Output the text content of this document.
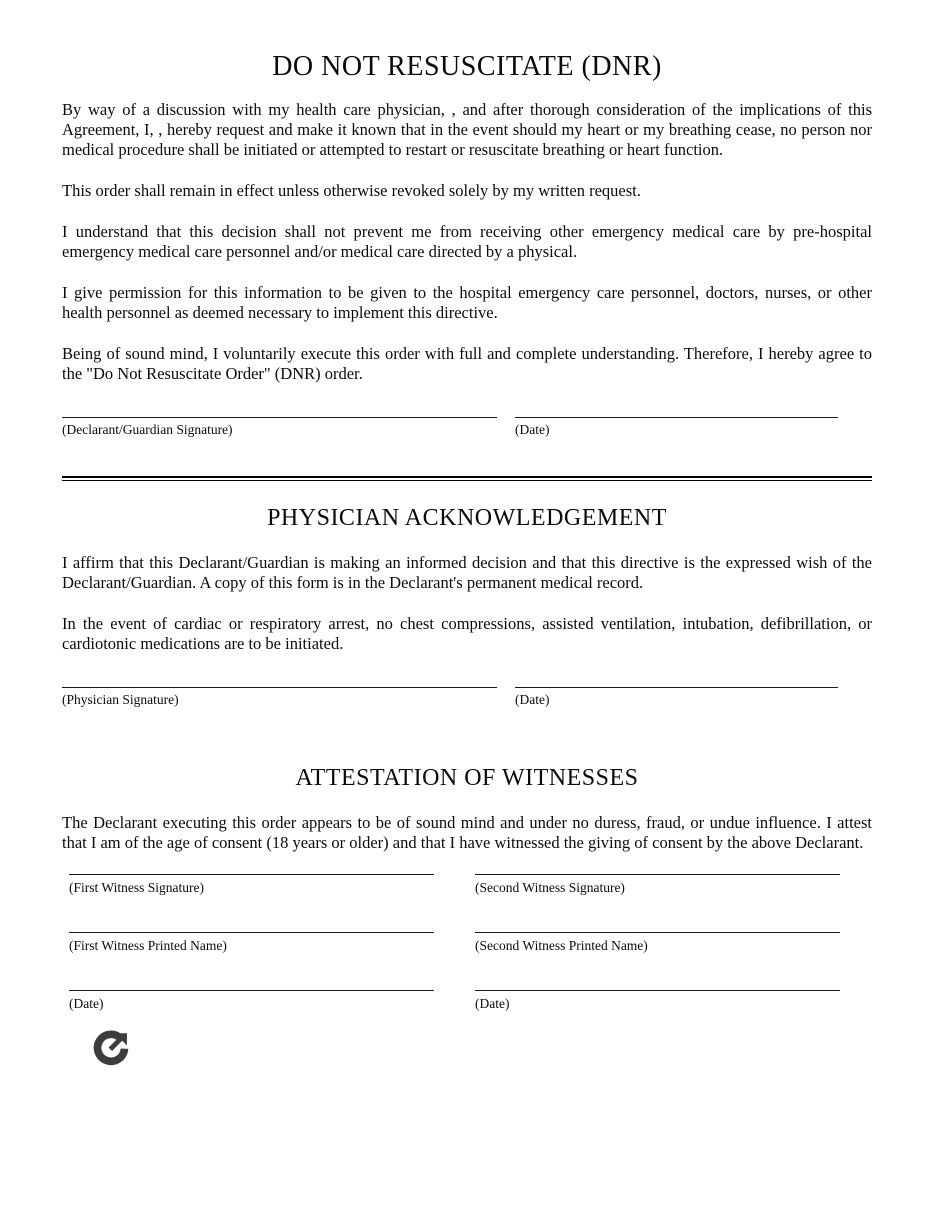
DO NOT RESUSCITATE (DNR)

By way of a discussion with my health care physician, , and after thorough consideration of the implications of this Agreement, I, , hereby request and make it known that in the event should my heart or my breathing cease, no person nor medical procedure shall be initiated or attempted to restart or resuscitate breathing or heart function.

This order shall remain in effect unless otherwise revoked solely by my written request.

I understand that this decision shall not prevent me from receiving other emergency medical care by pre-hospital emergency medical care personnel and/or medical care directed by a physical.

I give permission for this information to be given to the hospital emergency care personnel, doctors, nurses, or other health personnel as deemed necessary to implement this directive.

Being of sound mind, I voluntarily execute this order with full and complete understanding. Therefore, I hereby agree to the "Do Not Resuscitate Order" (DNR) order.

(Declarant/Guardian Signature)	(Date)
PHYSICIAN ACKNOWLEDGEMENT

I affirm that this Declarant/Guardian is making an informed decision and that this directive is the expressed wish of the Declarant/Guardian. A copy of this form is in the Declarant's permanent medical record.

In the event of cardiac or respiratory arrest, no chest compressions, assisted ventilation, intubation, defibrillation, or cardiotonic medications are to be initiated.

(Physician Signature)	(Date)
ATTESTATION OF WITNESSES

The Declarant executing this order appears to be of sound mind and under no duress, fraud, or undue influence. I attest that I am of the age of consent (18 years or older) and that I have witnessed the giving of consent by the above Declarant.

(First Witness Signature)	(Second Witness Signature)
(First Witness Printed Name)	(Second Witness Printed Name)
(Date)	(Date)
